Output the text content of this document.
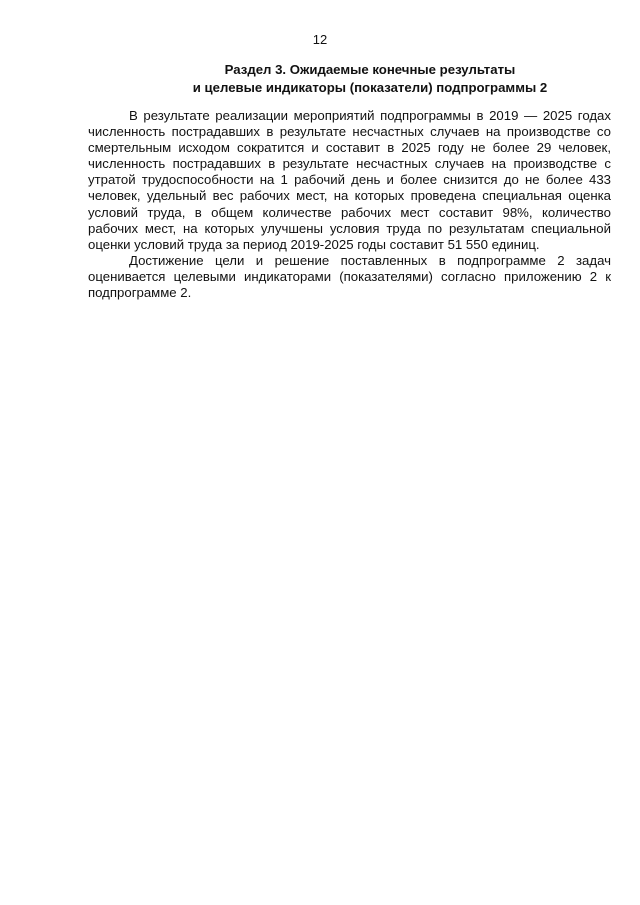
12
Раздел 3. Ожидаемые конечные результаты
и целевые индикаторы (показатели) подпрограммы 2

В результате реализации мероприятий подпрограммы в 2019 — 2025 годах численность пострадавших в результате несчастных случаев на производстве со смертельным исходом сократится и составит в 2025 году не более 29 человек, численность пострадавших в результате несчастных случаев на производстве с утратой трудоспособности на 1 рабочий день и более снизится до не более 433 человек, удельный вес рабочих мест, на которых проведена специальная оценка условий труда, в общем количестве рабочих мест составит 98%, количество рабочих мест, на которых улучшены условия труда по результатам специальной оценки условий труда за период 2019-2025 годы составит 51 550 единиц.

Достижение цели и решение поставленных в подпрограмме 2 задач оценивается целевыми индикаторами (показателями) согласно приложению 2 к подпрограмме 2.
